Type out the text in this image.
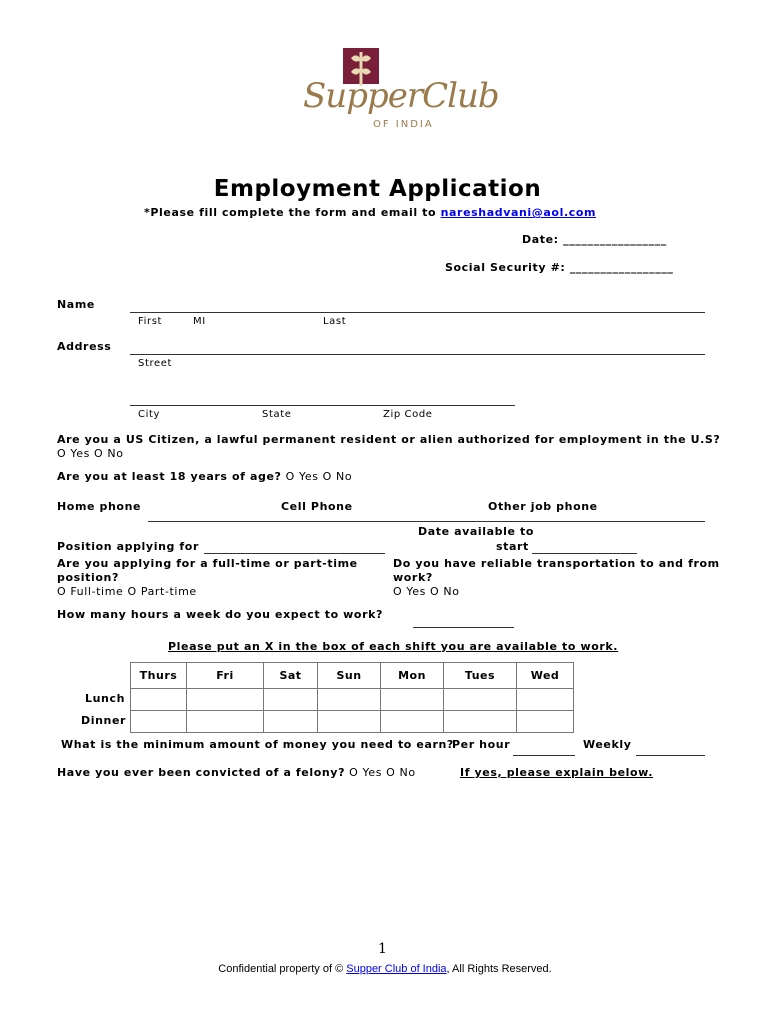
SupperClub
OF INDIA
Employment Application
*Please fill complete the form and email to nareshadvani@aol.com
Date: _________________
Social Security #: _________________
Name
First	MI	Last
Address
Street
City	State	Zip Code
Are you a US Citizen, a lawful permanent resident or alien authorized for employment in the U.S?
O Yes O No
Are you at least 18 years of age? O Yes O No
Home phone	Cell Phone	Other job phone
Date available to
start
Position applying for
Are you applying for a full-time or part-time
position?
O Full-time O Part-time
Do you have reliable transportation to and from
work?
O Yes O No
How many hours a week do you expect to work?
Please put an X in the box of each shift you are available to work.
Thurs	Fri	Sat	Sun	Mon	Tues	Wed

Lunch
Dinner
What is the minimum amount of money you need to earn?
Per hour	Weekly
Have you ever been convicted of a felony? O Yes O No	If yes, please explain below.
1
Confidential property of © Supper Club of India, All Rights Reserved.
